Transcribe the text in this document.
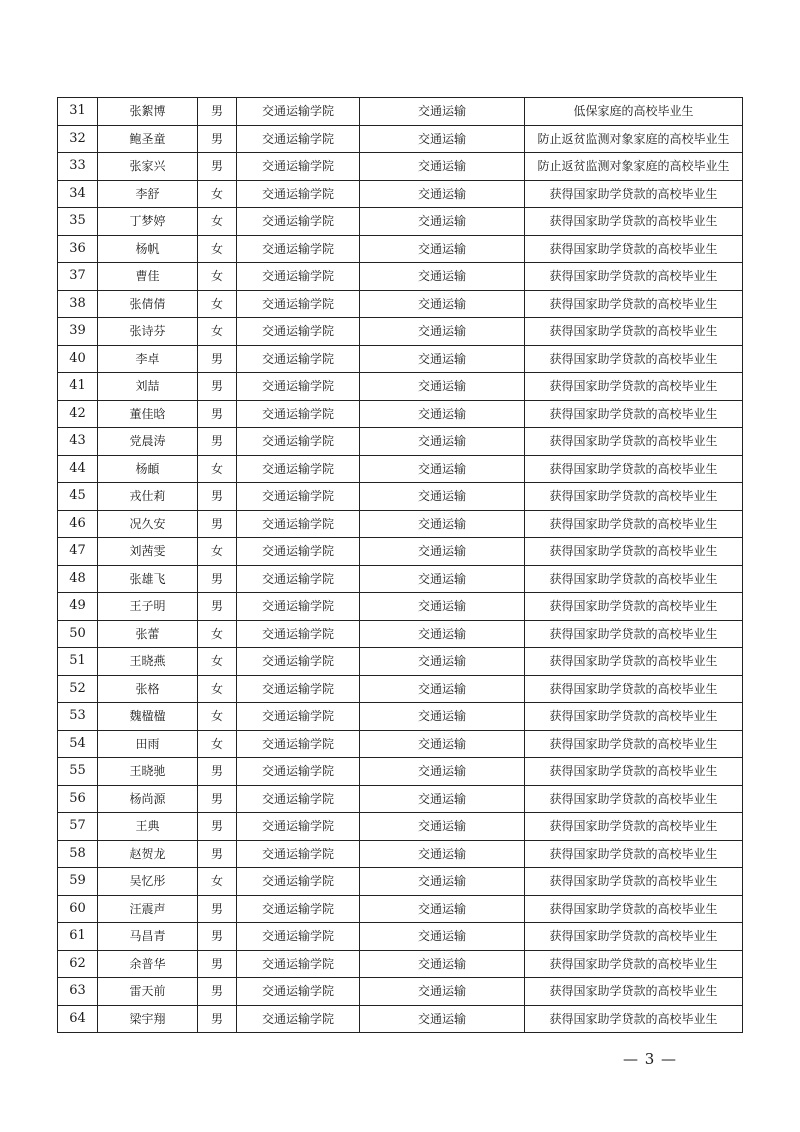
31	张絮博	男	交通运输学院	交通运输	低保家庭的高校毕业生
32	鲍圣童	男	交通运输学院	交通运输	防止返贫监测对象家庭的高校毕业生
33	张家兴	男	交通运输学院	交通运输	防止返贫监测对象家庭的高校毕业生
34	李舒	女	交通运输学院	交通运输	获得国家助学贷款的高校毕业生
35	丁梦婷	女	交通运输学院	交通运输	获得国家助学贷款的高校毕业生
36	杨帆	女	交通运输学院	交通运输	获得国家助学贷款的高校毕业生
37	曹佳	女	交通运输学院	交通运输	获得国家助学贷款的高校毕业生
38	张倩倩	女	交通运输学院	交通运输	获得国家助学贷款的高校毕业生
39	张诗芬	女	交通运输学院	交通运输	获得国家助学贷款的高校毕业生
40	李卓	男	交通运输学院	交通运输	获得国家助学贷款的高校毕业生
41	刘喆	男	交通运输学院	交通运输	获得国家助学贷款的高校毕业生
42	董佳晗	男	交通运输学院	交通运输	获得国家助学贷款的高校毕业生
43	党晨涛	男	交通运输学院	交通运输	获得国家助学贷款的高校毕业生
44	杨頔	女	交通运输学院	交通运输	获得国家助学贷款的高校毕业生
45	戎仕莉	男	交通运输学院	交通运输	获得国家助学贷款的高校毕业生
46	况久安	男	交通运输学院	交通运输	获得国家助学贷款的高校毕业生
47	刘茜雯	女	交通运输学院	交通运输	获得国家助学贷款的高校毕业生
48	张雄飞	男	交通运输学院	交通运输	获得国家助学贷款的高校毕业生
49	王子明	男	交通运输学院	交通运输	获得国家助学贷款的高校毕业生
50	张蕾	女	交通运输学院	交通运输	获得国家助学贷款的高校毕业生
51	王晓燕	女	交通运输学院	交通运输	获得国家助学贷款的高校毕业生
52	张格	女	交通运输学院	交通运输	获得国家助学贷款的高校毕业生
53	魏楹楹	女	交通运输学院	交通运输	获得国家助学贷款的高校毕业生
54	田雨	女	交通运输学院	交通运输	获得国家助学贷款的高校毕业生
55	王晓驰	男	交通运输学院	交通运输	获得国家助学贷款的高校毕业生
56	杨尚源	男	交通运输学院	交通运输	获得国家助学贷款的高校毕业生
57	王典	男	交通运输学院	交通运输	获得国家助学贷款的高校毕业生
58	赵贺龙	男	交通运输学院	交通运输	获得国家助学贷款的高校毕业生
59	吴忆彤	女	交通运输学院	交通运输	获得国家助学贷款的高校毕业生
60	汪震声	男	交通运输学院	交通运输	获得国家助学贷款的高校毕业生
61	马昌青	男	交通运输学院	交通运输	获得国家助学贷款的高校毕业生
62	余普华	男	交通运输学院	交通运输	获得国家助学贷款的高校毕业生
63	雷天前	男	交通运输学院	交通运输	获得国家助学贷款的高校毕业生
64	梁宇翔	男	交通运输学院	交通运输	获得国家助学贷款的高校毕业生
— 3 —
